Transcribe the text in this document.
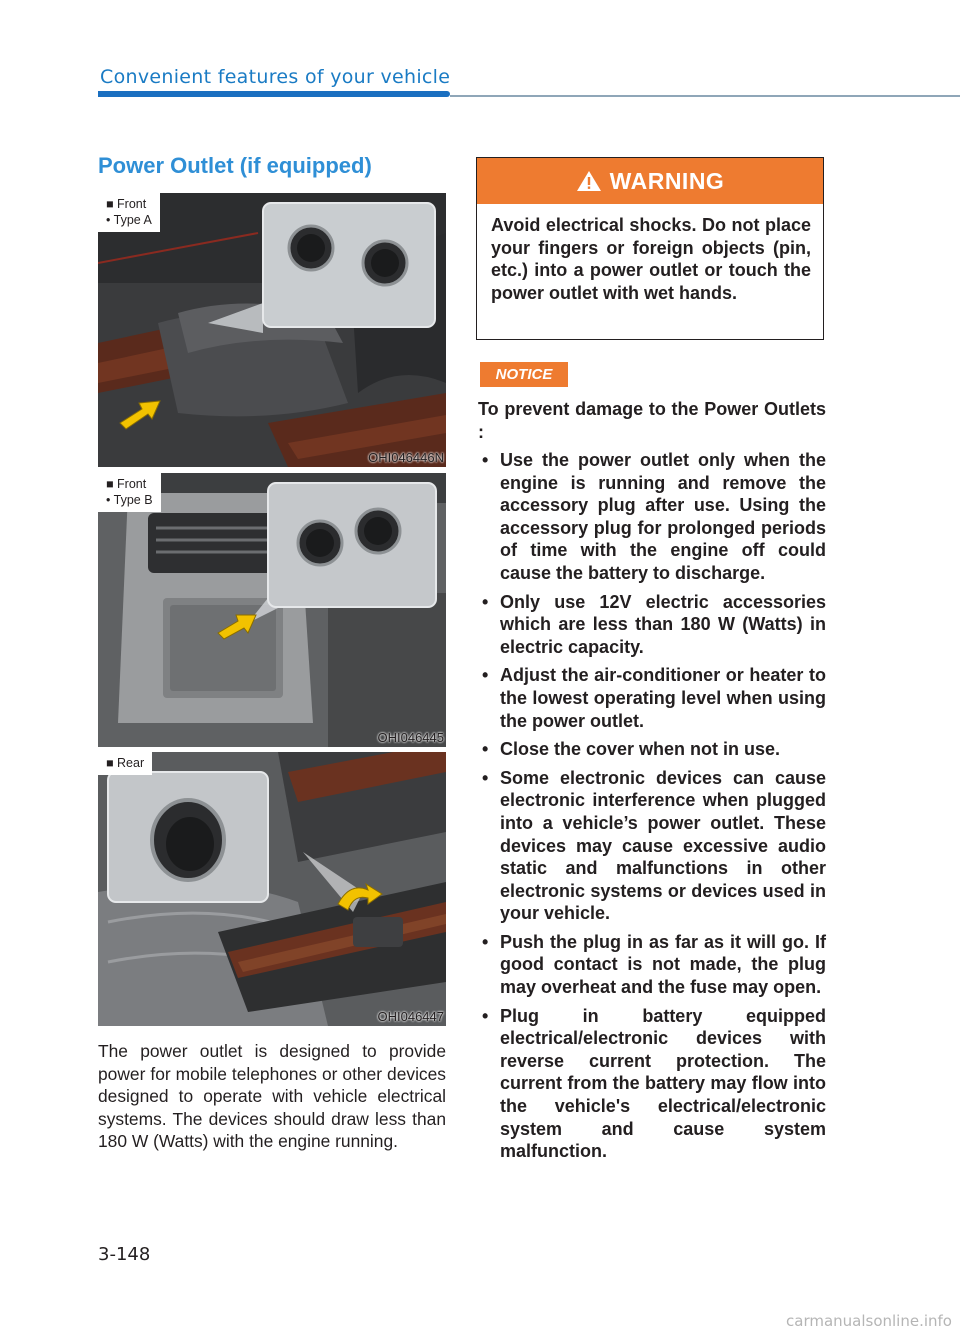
Convenient features of your vehicle
Power Outlet (if equipped)
■ Front
• Type A
OHI046446N
■ Front
• Type B
OHI046445
■ Rear
OHI046447
The power outlet is designed to provide power for mobile telephones or other devices designed to operate with vehicle electrical systems. The devices should draw less than 180 W (Watts) with the engine running.
WARNING
Avoid electrical shocks. Do not place your fingers or foreign objects (pin, etc.) into a power outlet or touch the power outlet with wet hands.
NOTICE
To prevent damage to the Power Outlets :
• Use the power outlet only when the engine is running and remove the accessory plug after use. Using the accessory plug for prolonged periods of time with the engine off could cause the battery to discharge.
• Only use 12V electric accessories which are less than 180 W (Watts) in electric capacity.
• Adjust the air-conditioner or heater to the lowest operating level when using the power outlet.
• Close the cover when not in use.
• Some electronic devices can cause electronic interference when plugged into a vehicle’s power outlet. These devices may cause excessive audio static and malfunctions in other electronic systems or devices used in your vehicle.
• Push the plug in as far as it will go. If good contact is not made, the plug may overheat and the fuse may open.
• Plug in battery equipped electrical/electronic devices with reverse current protection. The current from the battery may flow into the vehicle's electrical/electronic system and cause system malfunction.
3-148
carmanualsonline.info
